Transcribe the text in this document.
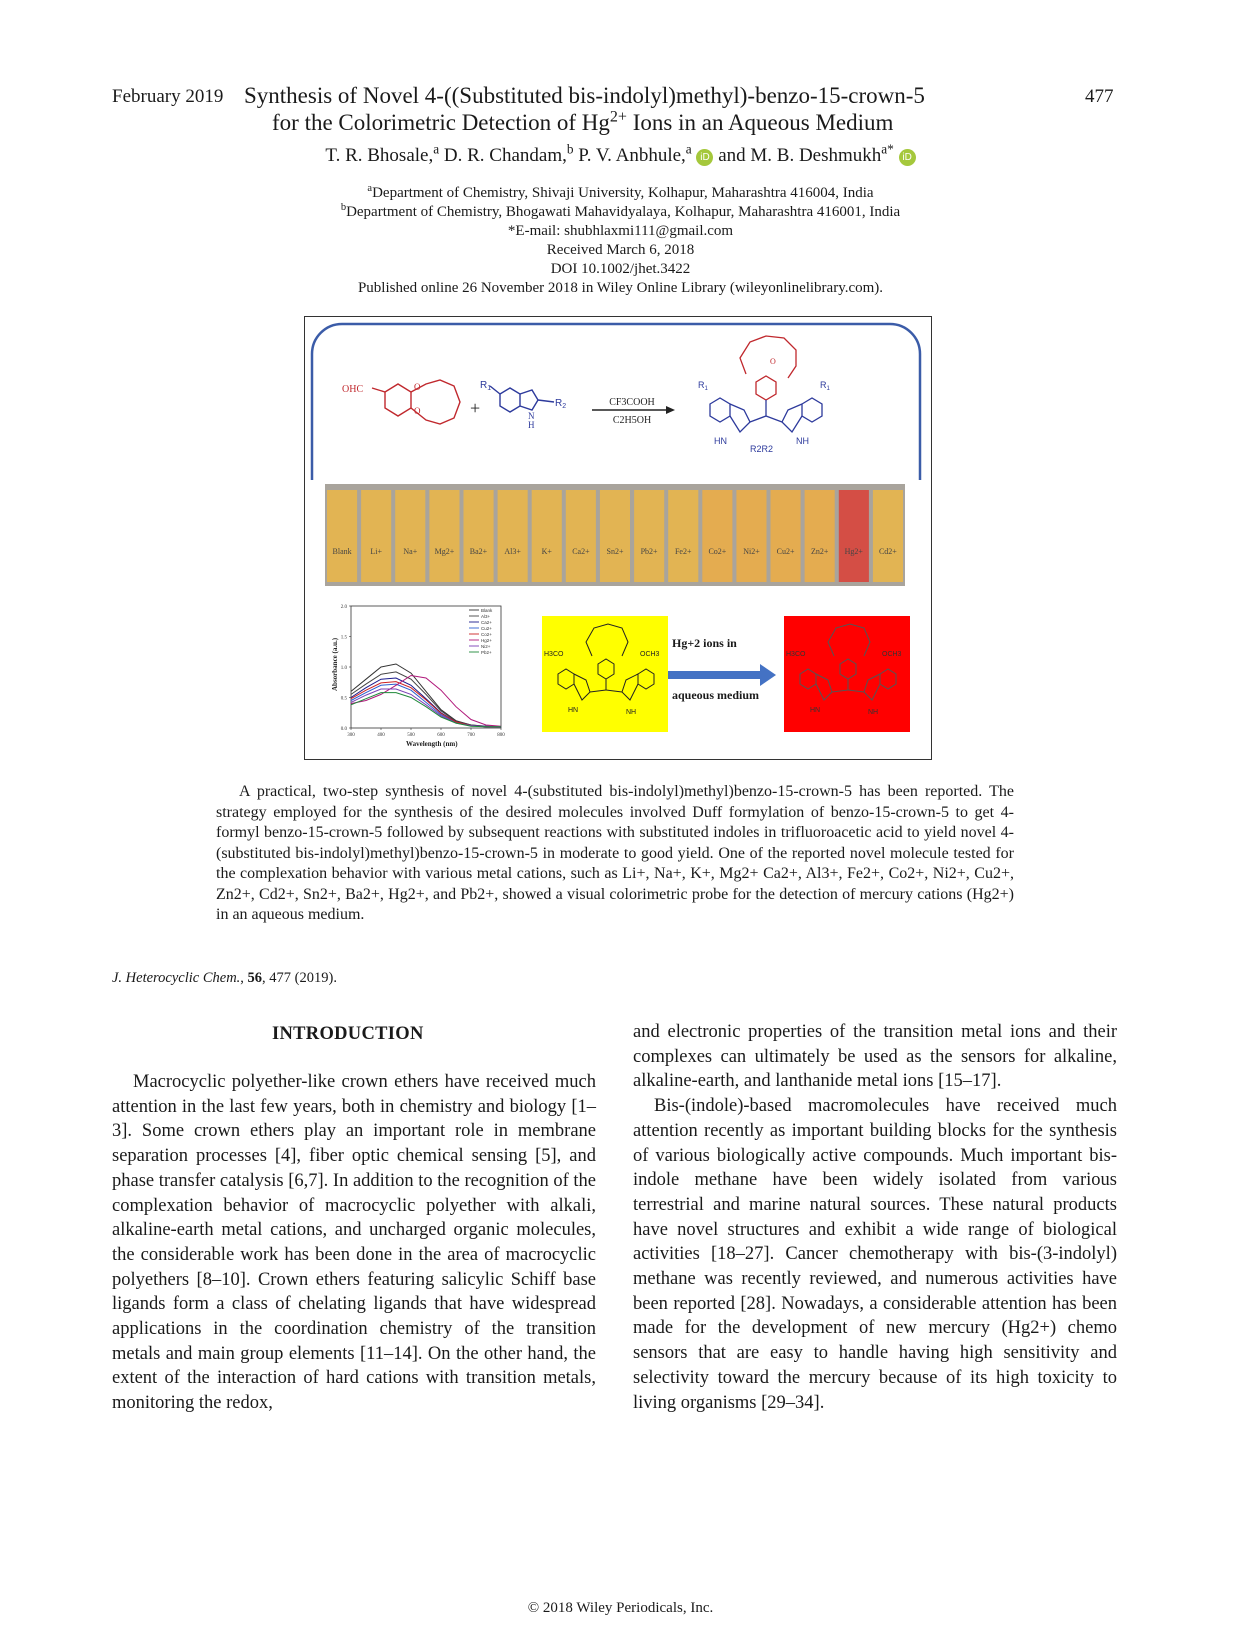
February 2019	477
Synthesis of Novel 4-((Substituted bis-indolyl)methyl)-benzo-15-crown-5
for the Colorimetric Detection of $Hg^{2+}$ Ions in an Aqueous Medium
T. R. Bhosale,$^a$ D. R. Chandam,$^b$ P. V. Anbhule,$^a$ iD and M. B. Deshmukh$^{a*}$ iD
$^a$Department of Chemistry, Shivaji University, Kolhapur, Maharashtra 416004, India
$^b$Department of Chemistry, Bhogawati Mahavidyalaya, Kolhapur, Maharashtra 416001, India
*E-mail: shubhlaxmi111@gmail.com
Received March 6, 2018
DOI 10.1002/jhet.3422
Published online 26 November 2018 in Wiley Online Library (wileyonlinelibrary.com).
OHC	O
O	+
$R_1$
$R_2$
N
H
CF3COOH
C2H5OH
O
$R_1$	$R_1$
HN
R2R2
NH
Blank Li+	Na+ Mg2+ Ba2+ Al3+	K+	Ca2+ Sn2+ Pb2+ Fe2+ Co2+ Ni2+ Cu2+ Zn2+ Hg2+ Cd2+
0.0
0.5
1.0
1.5
2.0
300	400	500	600	700	800
Blank
Al3+
Ca2+
Cu2+
Co2+
Hg2+
Ni2+
Pb2+
Absorbance (a.u.)
Wavelength (nm)
H3CO	OCH3
HN	NH
Hg+2 ions in
aqueous medium
H3CO	OCH3
HN	NH
A practical, two-step synthesis of novel 4-(substituted bis-indolyl)methyl)benzo-15-crown-5 has been reported. The strategy employed for the synthesis of the desired molecules involved Duff formylation of benzo-15-crown-5 to get 4-formyl benzo-15-crown-5 followed by subsequent reactions with substituted indoles in trifluoroacetic acid to yield novel 4-(substituted bis-indolyl)methyl)benzo-15-crown-5 in moderate to good yield. One of the reported novel molecule tested for the complexation behavior with various metal cations, such as Li+, Na+, K+, Mg2+ Ca2+, Al3+, Fe2+, Co2+, Ni2+, Cu2+, Zn2+, Cd2+, Sn2+, Ba2+, Hg2+, and Pb2+, showed a visual colorimetric probe for the detection of mercury cations (Hg2+) in an aqueous medium.
J. Heterocyclic Chem., 56, 477 (2019).
INTRODUCTION

Macrocyclic polyether-like crown ethers have received much attention in the last few years, both in chemistry and biology [1–3]. Some crown ethers play an important role in membrane separation processes [4], fiber optic chemical sensing [5], and phase transfer catalysis [6,7]. In addition to the recognition of the complexation behavior of macrocyclic polyether with alkali, alkaline-earth metal cations, and uncharged organic molecules, the considerable work has been done in the area of macrocyclic polyethers [8–10]. Crown ethers featuring salicylic Schiff base ligands form a class of chelating ligands that have widespread applications in the coordination chemistry of the transition metals and main group elements [11–14]. On the other hand, the extent of the interaction of hard cations with transition metals, monitoring the redox,

and electronic properties of the transition metal ions and their complexes can ultimately be used as the sensors for alkaline, alkaline-earth, and lanthanide metal ions [15–17].

Bis-(indole)-based macromolecules have received much attention recently as important building blocks for the synthesis of various biologically active compounds. Much important bis-indole methane have been widely isolated from various terrestrial and marine natural sources. These natural products have novel structures and exhibit a wide range of biological activities [18–27]. Cancer chemotherapy with bis-(3-indolyl) methane was recently reviewed, and numerous activities have been reported [28]. Nowadays, a considerable attention has been made for the development of new mercury (Hg2+) chemo sensors that are easy to handle having high sensitivity and selectivity toward the mercury because of its high toxicity to living organisms [29–34].

© 2018 Wiley Periodicals, Inc.
